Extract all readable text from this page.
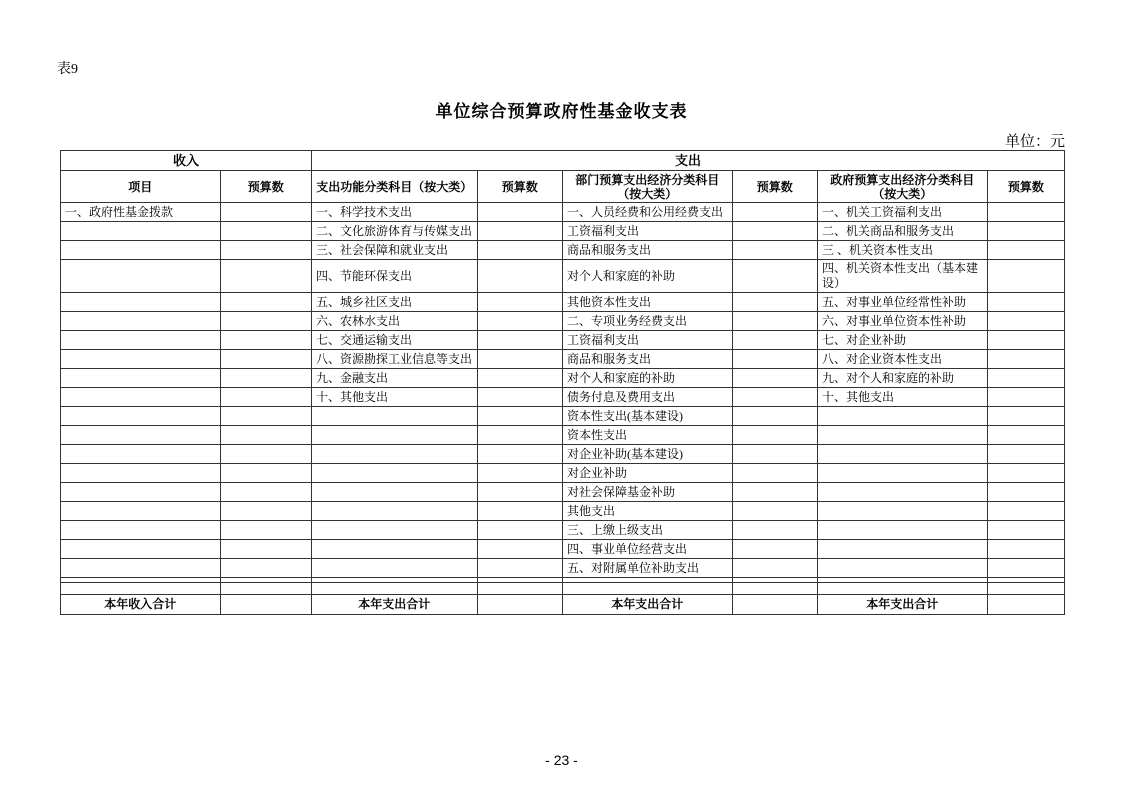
表9
单位综合预算政府性基金收支表
单位：元
收入		支出					
项目	预算数	支出功能分类科目（按大类）	预算数	部门预算支出经济分类科目（按大类）	预算数	政府预算支出经济分类科目（按大类）	预算数
一、政府性基金拨款		一、科学技术支出		一、人员经费和公用经费支出		一、机关工资福利支出	
		二、文化旅游体育与传媒支出		工资福利支出		二、机关商品和服务支出	
		三、社会保障和就业支出		商品和服务支出		三 、机关资本性支出	
		四、节能环保支出		对个人和家庭的补助		四、机关资本性支出（基本建设）	
		五、城乡社区支出		其他资本性支出		五、对事业单位经常性补助	
		六、农林水支出		二、专项业务经费支出		六、对事业单位资本性补助	
		七、交通运输支出		工资福利支出		七、对企业补助	
		八、资源勘探工业信息等支出		商品和服务支出		八、对企业资本性支出	
		九、金融支出		对个人和家庭的补助		九、对个人和家庭的补助	
		十、其他支出		债务付息及费用支出		十、其他支出	
				资本性支出(基本建设)			
				资本性支出			
				对企业补助(基本建设)			
				对企业补助			
				对社会保障基金补助			
				其他支出			
				三、上缴上级支出			
				四、事业单位经营支出			
				五、对附属单位补助支出			

本年收入合计		本年支出合计		本年支出合计		本年支出合计	
- 23 -
